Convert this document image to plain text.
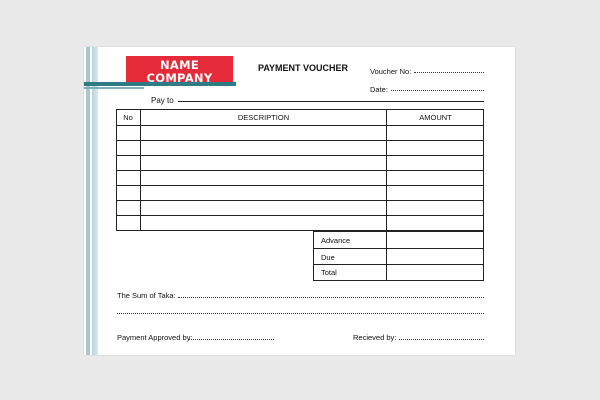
NAME COMPANY
Company Slogan Company Slog
PAYMENT VOUCHER	Voucher No:
Date:
Pay to
No	DESCRIPTION	AMOUNT
Advance
Due
Total
The Sum of Taka:
Payment Approved by:	Recieved by:
